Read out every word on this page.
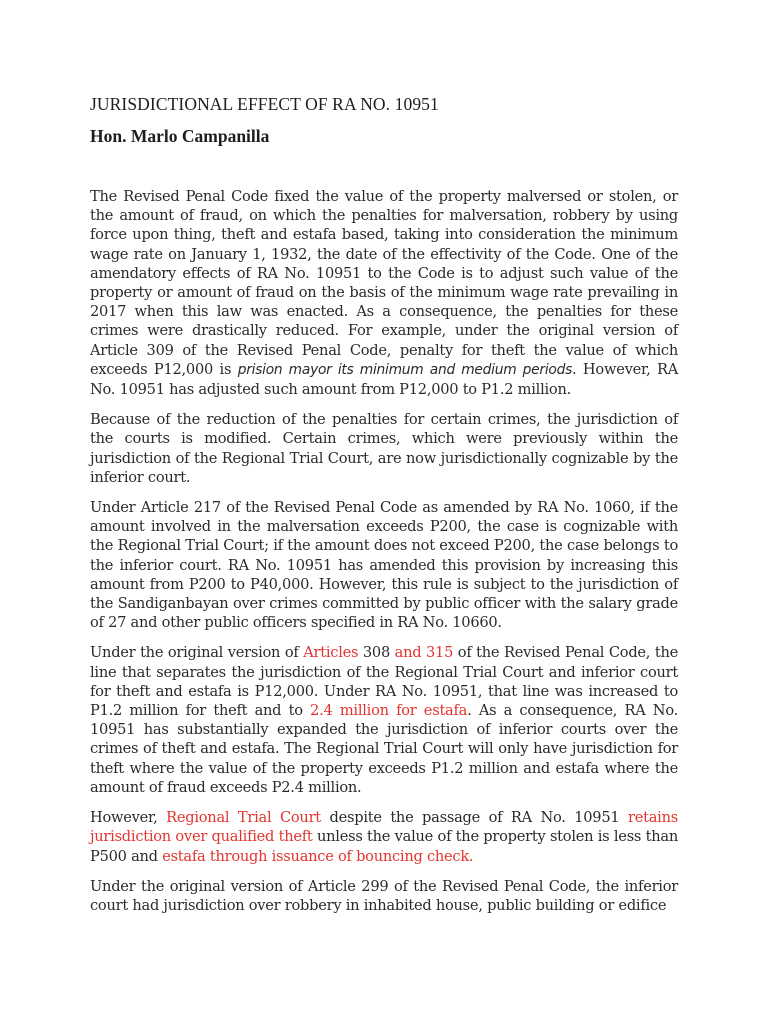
JURISDICTIONAL EFFECT OF RA NO. 10951
Hon. Marlo Campanilla

The Revised Penal Code fixed the value of the property malversed or stolen, or the amount of fraud, on which the penalties for malversation, robbery by using force upon thing, theft and estafa based, taking into consideration the minimum wage rate on January 1, 1932, the date of the effectivity of the Code. One of the amendatory effects of RA No. 10951 to the Code is to adjust such value of the property or amount of fraud on the basis of the minimum wage rate prevailing in 2017 when this law was enacted. As a consequence, the penalties for these crimes were drastically reduced. For example, under the original version of Article 309 of the Revised Penal Code, penalty for theft the value of which exceeds P12,000 is prision mayor its minimum and medium periods. However, RA No. 10951 has adjusted such amount from P12,000 to P1.2 million.

Because of the reduction of the penalties for certain crimes, the jurisdiction of the courts is modified. Certain crimes, which were previously within the jurisdiction of the Regional Trial Court, are now jurisdictionally cognizable by the inferior court.

Under Article 217 of the Revised Penal Code as amended by RA No. 1060, if the amount involved in the malversation exceeds P200, the case is cognizable with the Regional Trial Court; if the amount does not exceed P200, the case belongs to the inferior court. RA No. 10951 has amended this provision by increasing this amount from P200 to P40,000. However, this rule is subject to the jurisdiction of the Sandiganbayan over crimes committed by public officer with the salary grade of 27 and other public officers specified in RA No. 10660.

Under the original version of Articles 308 and 315 of the Revised Penal Code, the line that separates the jurisdiction of the Regional Trial Court and inferior court for theft and estafa is P12,000. Under RA No. 10951, that line was increased to P1.2 million for theft and to 2.4 million for estafa. As a consequence, RA No. 10951 has substantially expanded the jurisdiction of inferior courts over the crimes of theft and estafa. The Regional Trial Court will only have jurisdiction for theft where the value of the property exceeds P1.2 million and estafa where the amount of fraud exceeds P2.4 million.

However, Regional Trial Court despite the passage of RA No. 10951 retains jurisdiction over qualified theft unless the value of the property stolen is less than P500 and estafa through issuance of bouncing check.

Under the original version of Article 299 of the Revised Penal Code, the inferior court had jurisdiction over robbery in inhabited house, public building or edifice
